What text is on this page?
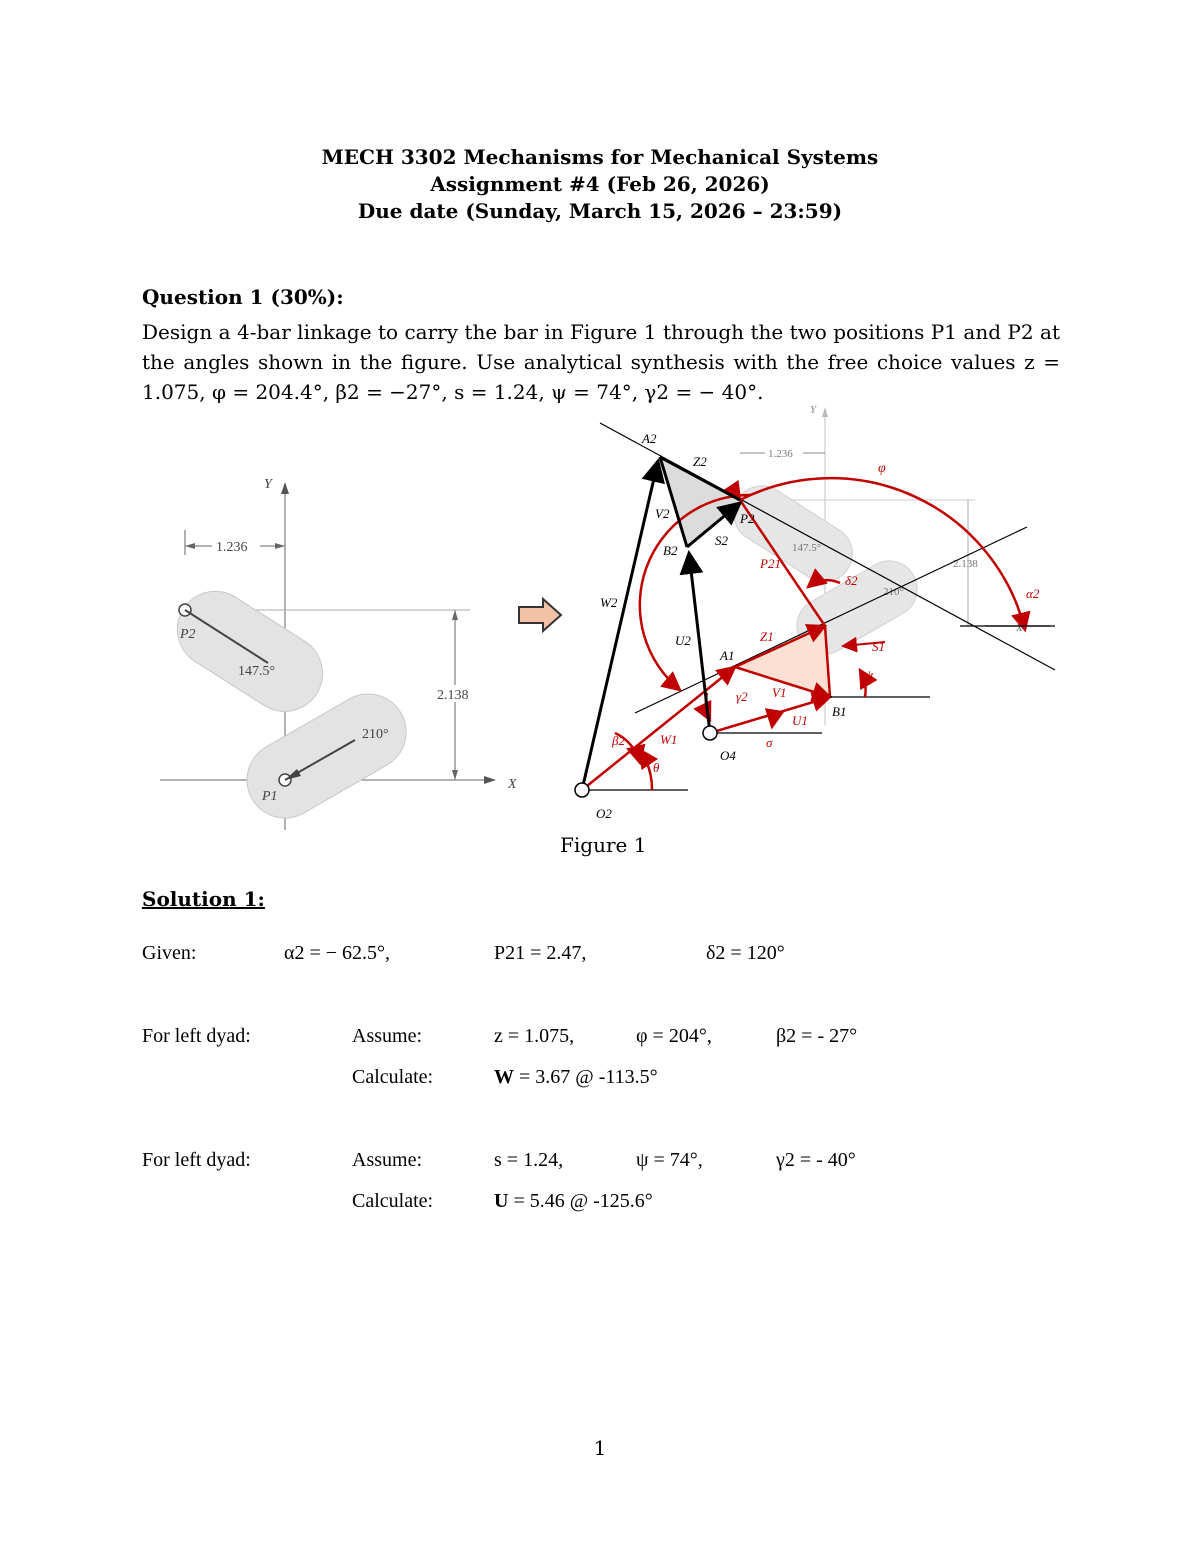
MECH 3302 Mechanisms for Mechanical Systems
Assignment #4 (Feb 26, 2026)
Due date (Sunday, March 15, 2026 – 23:59)
Question 1 (30%):
Design a 4-bar linkage to carry the bar in Figure 1 through the two positions P1 and P2 at the angles shown in the figure. Use analytical synthesis with the free choice values z = 1.075, φ = 204.4°, β2 = −27°, s = 1.24, ψ = 74°, γ2 = − 40°.
Y
X
1.236
2.138
147.5°
210°
P2
P1
Y
1.236
147.5°
210°
2.138
X
A2
Z2
V2
B2
S2
P2
W2
U2
A1
B1
O4
O2
P21
δ2
α2
φ
Z1
S1
ψ
V1
γ2
U1
σ
β2	W1
θ
Figure 1
Solution 1:
Given:	α2 = − 62.5°,	P21 = 2.47,	δ2 = 120°
For left dyad:	Assume:	z = 1.075,	φ = 204°,	β2 = - 27°
Calculate:	W = 3.67 @ -113.5°
For left dyad:	Assume:	s = 1.24,	ψ = 74°,	γ2 = - 40°
Calculate:	U = 5.46 @ -125.6°
1
